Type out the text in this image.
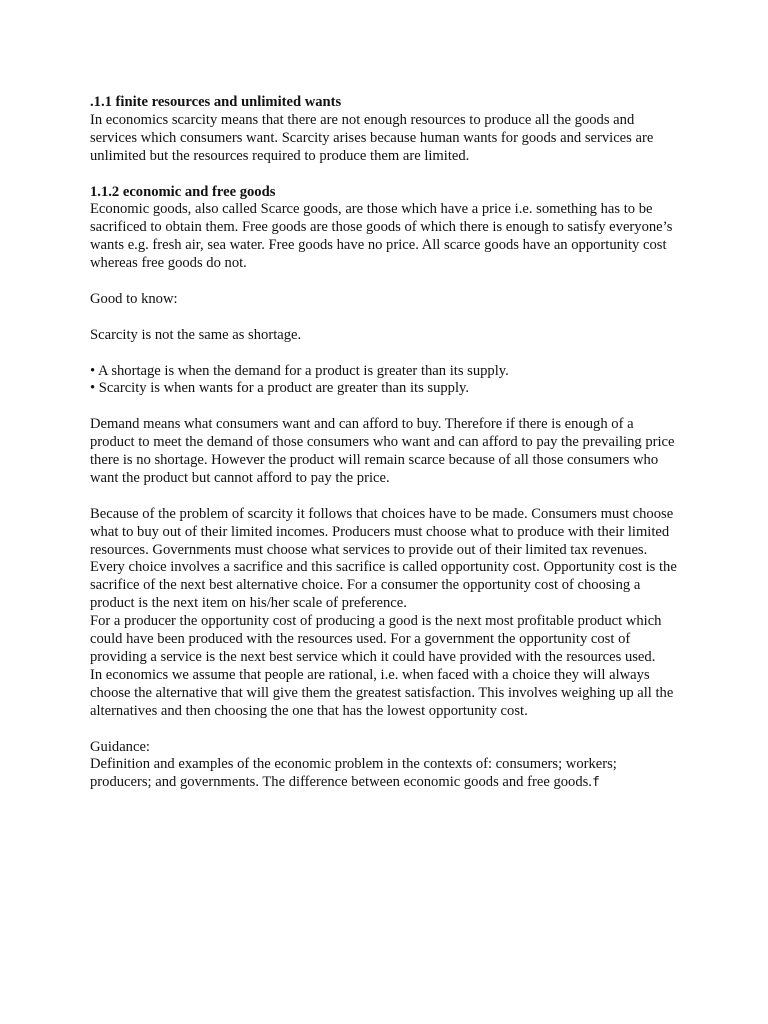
.1.1 finite resources and unlimited wants
In economics scarcity means that there are not enough resources to produce all the goods and services which consumers want. Scarcity arises because human wants for goods and services are unlimited but the resources required to produce them are limited.

1.1.2 economic and free goods
Economic goods, also called Scarce goods, are those which have a price i.e. something has to be sacrificed to obtain them. Free goods are those goods of which there is enough to satisfy everyone’s wants e.g. fresh air, sea water. Free goods have no price. All scarce goods have an opportunity cost whereas free goods do not.

Good to know:

Scarcity is not the same as shortage.

• A shortage is when the demand for a product is greater than its supply.
• Scarcity is when wants for a product are greater than its supply.

Demand means what consumers want and can afford to buy. Therefore if there is enough of a product to meet the demand of those consumers who want and can afford to pay the prevailing price there is no shortage. However the product will remain scarce because of all those consumers who want the product but cannot afford to pay the price.

Because of the problem of scarcity it follows that choices have to be made. Consumers must choose what to buy out of their limited incomes. Producers must choose what to produce with their limited resources. Governments must choose what services to provide out of their limited tax revenues.

Every choice involves a sacrifice and this sacrifice is called opportunity cost. Opportunity cost is the sacrifice of the next best alternative choice. For a consumer the opportunity cost of choosing a product is the next item on his/her scale of preference.

For a producer the opportunity cost of producing a good is the next most profitable product which could have been produced with the resources used. For a government the opportunity cost of providing a service is the next best service which it could have provided with the resources used.

In economics we assume that people are rational, i.e. when faced with a choice they will always choose the alternative that will give them the greatest satisfaction. This involves weighing up all the alternatives and then choosing the one that has the lowest opportunity cost.

Guidance:
Definition and examples of the economic problem in the contexts of: consumers; workers; producers; and governments. The difference between economic goods and free goods.f
